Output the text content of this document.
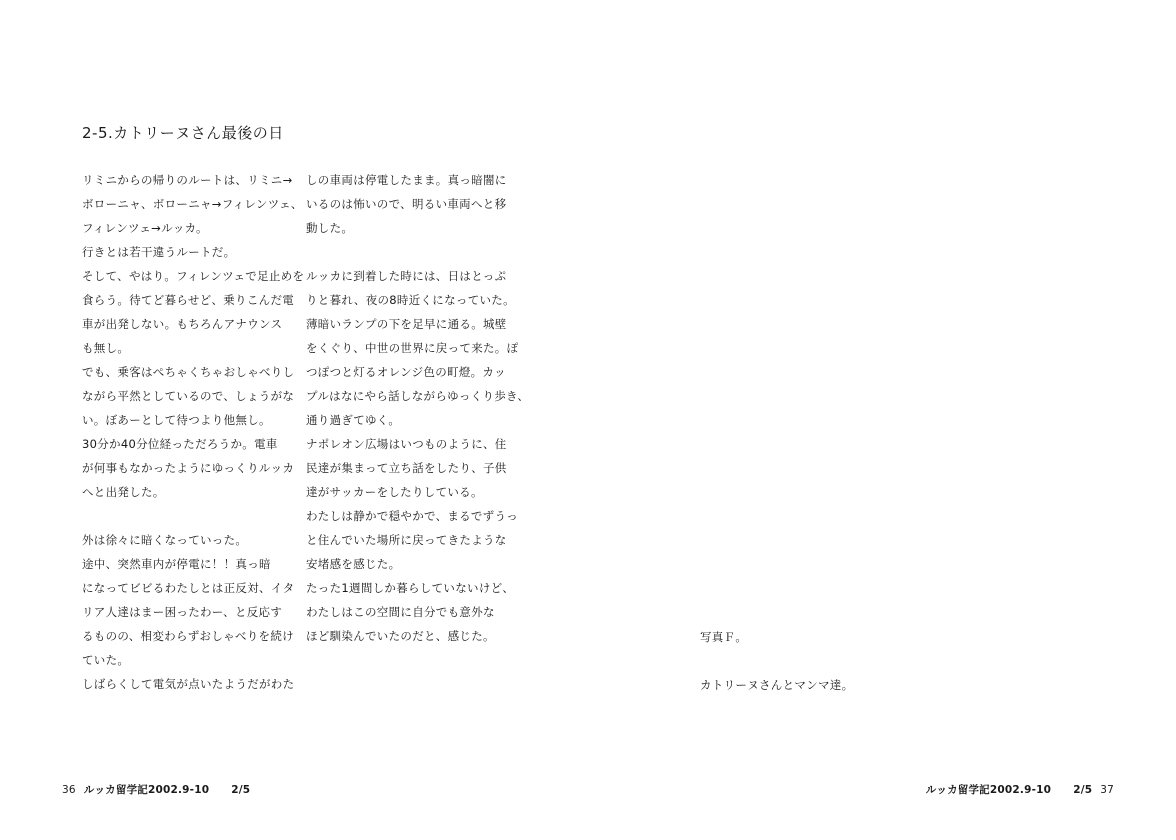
2-5.カトリーヌさん最後の日
リミニからの帰りのルートは、リミニ→
ボローニャ、ボローニャ→フィレンツェ、
フィレンツェ→ルッカ。
行きとは若干違うルートだ。
そして、やはり。フィレンツェで足止めを
食らう。待てど暮らせど、乗りこんだ電
車が出発しない。もちろんアナウンス
も無し。
でも、乗客はぺちゃくちゃおしゃべりし
ながら平然としているので、しょうがな
い。ぼあーとして待つより他無し。
30分か40分位経っただろうか。電車
が何事もなかったようにゆっくりルッカ
へと出発した。
外は徐々に暗くなっていった。
途中、突然車内が停電に！！真っ暗
になってビビるわたしとは正反対、イタ
リア人達はまー困ったわー、と反応す
るものの、相変わらずおしゃべりを続け
ていた。
しばらくして電気が点いたようだがわた
しの車両は停電したまま。真っ暗闇に
いるのは怖いので、明るい車両へと移
動した。
ルッカに到着した時には、日はとっぷ
りと暮れ、夜の8時近くになっていた。
薄暗いランプの下を足早に通る。城壁
をくぐり、中世の世界に戻って来た。ぽ
つぽつと灯るオレンジ色の町燈。カッ
プルはなにやら話しながらゆっくり歩き、
通り過ぎてゆく。
ナポレオン広場はいつものように、住
民達が集まって立ち話をしたり、子供
達がサッカーをしたりしている。
わたしは静かで穏やかで、まるでずうっ
と住んでいた場所に戻ってきたような
安堵感を感じた。
たった1週間しか暮らしていないけど、
わたしはこの空間に自分でも意外な
ほど馴染んでいたのだと、感じた。	写真Ｆ。
カトリーヌさんとマンマ達。
36 ルッカ留学記2002.9-10 2/5	ルッカ留学記2002.9-10 2/5 37
